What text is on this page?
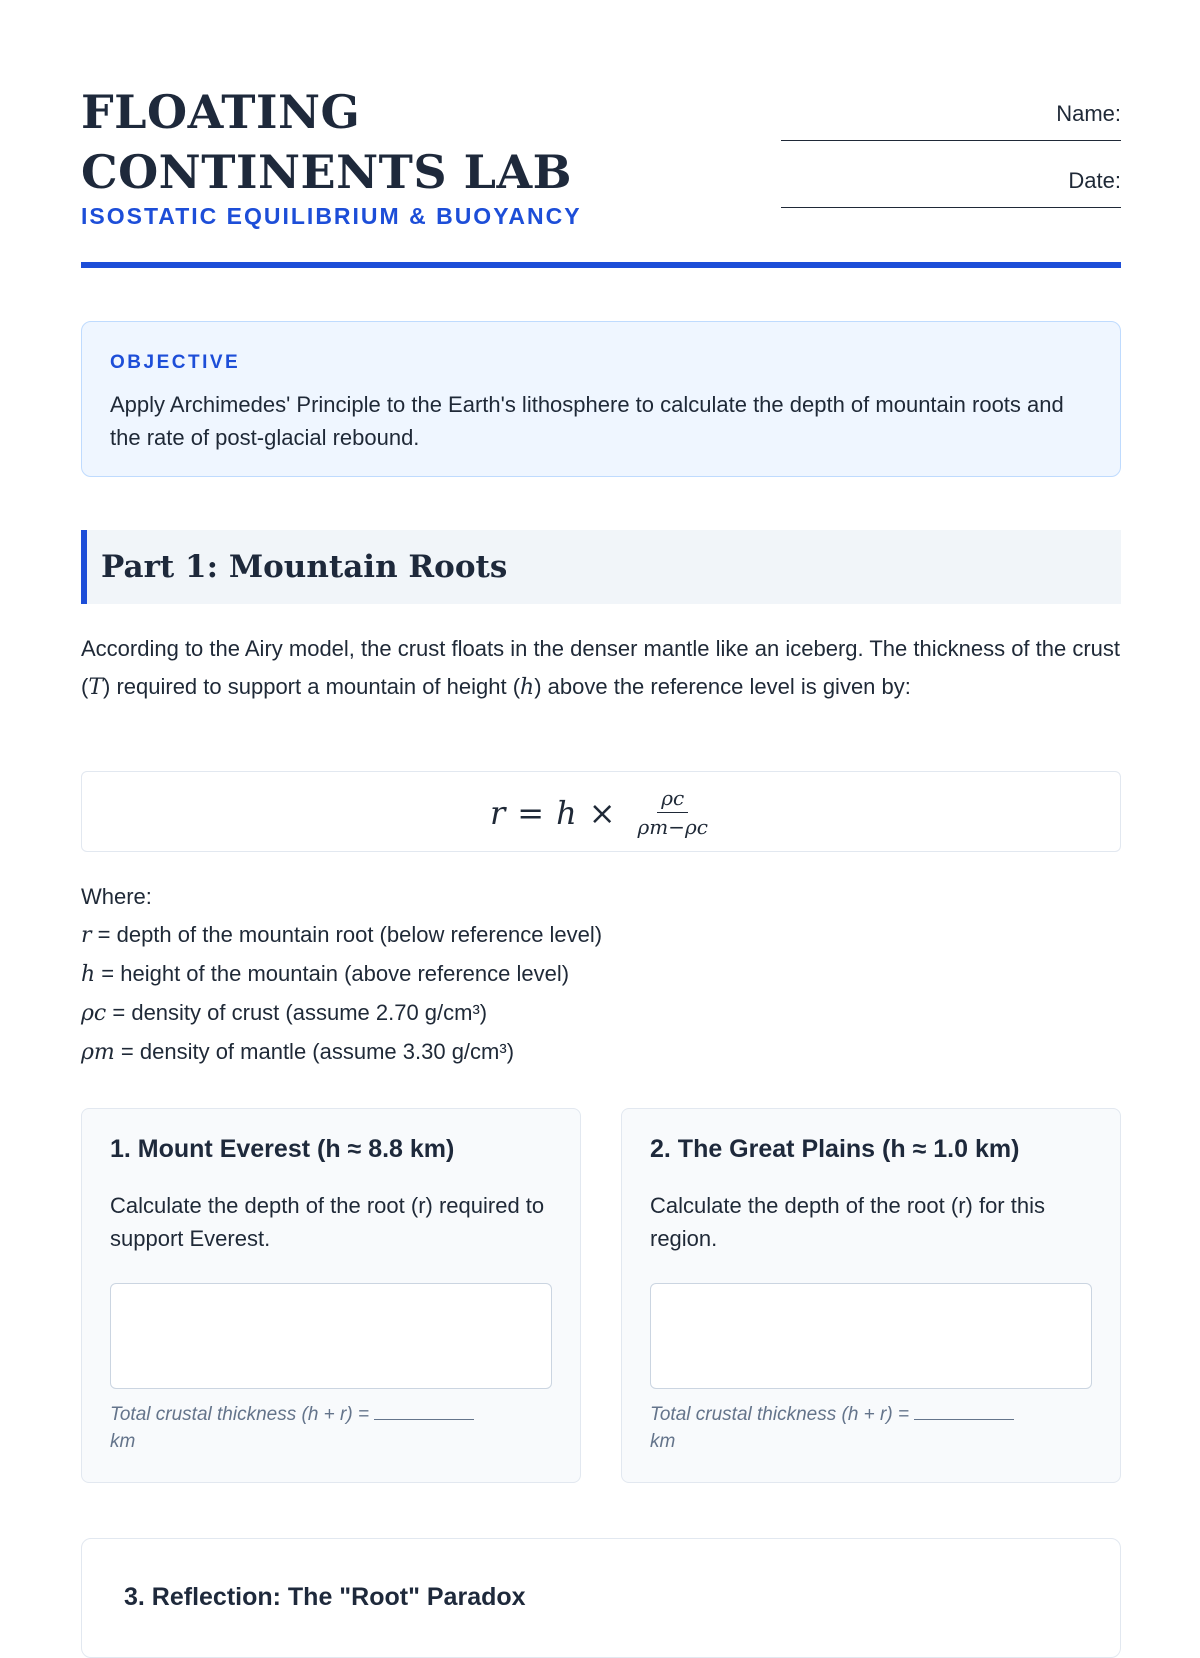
FLOATING CONTINENTS LAB
ISOSTATIC EQUILIBRIUM & BUOYANCY
Name:
Date:
OBJECTIVE
Apply Archimedes' Principle to the Earth's lithosphere to calculate the depth of mountain roots and the rate of post-glacial rebound.
Part 1: Mountain Roots

According to the Airy model, the crust floats in the denser mantle like an iceberg. The thickness of the crust (T) required to support a mountain of height (h) above the reference level is given by:

$r = h \times \frac{\rho c}{\rho m-\rho c}$
Where:
r = depth of the mountain root (below reference level)
h = height of the mountain (above reference level)
ρc = density of crust (assume 2.70 g/cm³)
ρm = density of mantle (assume 3.30 g/cm³)
1. Mount Everest (h ≈ 8.8 km)
Calculate the depth of the root (r) required to support Everest.
Total crustal thickness (h + r) =
km
2. The Great Plains (h ≈ 1.0 km)
Calculate the depth of the root (r) for this region.
Total crustal thickness (h + r) =
km
3. Reflection: The "Root" Paradox
